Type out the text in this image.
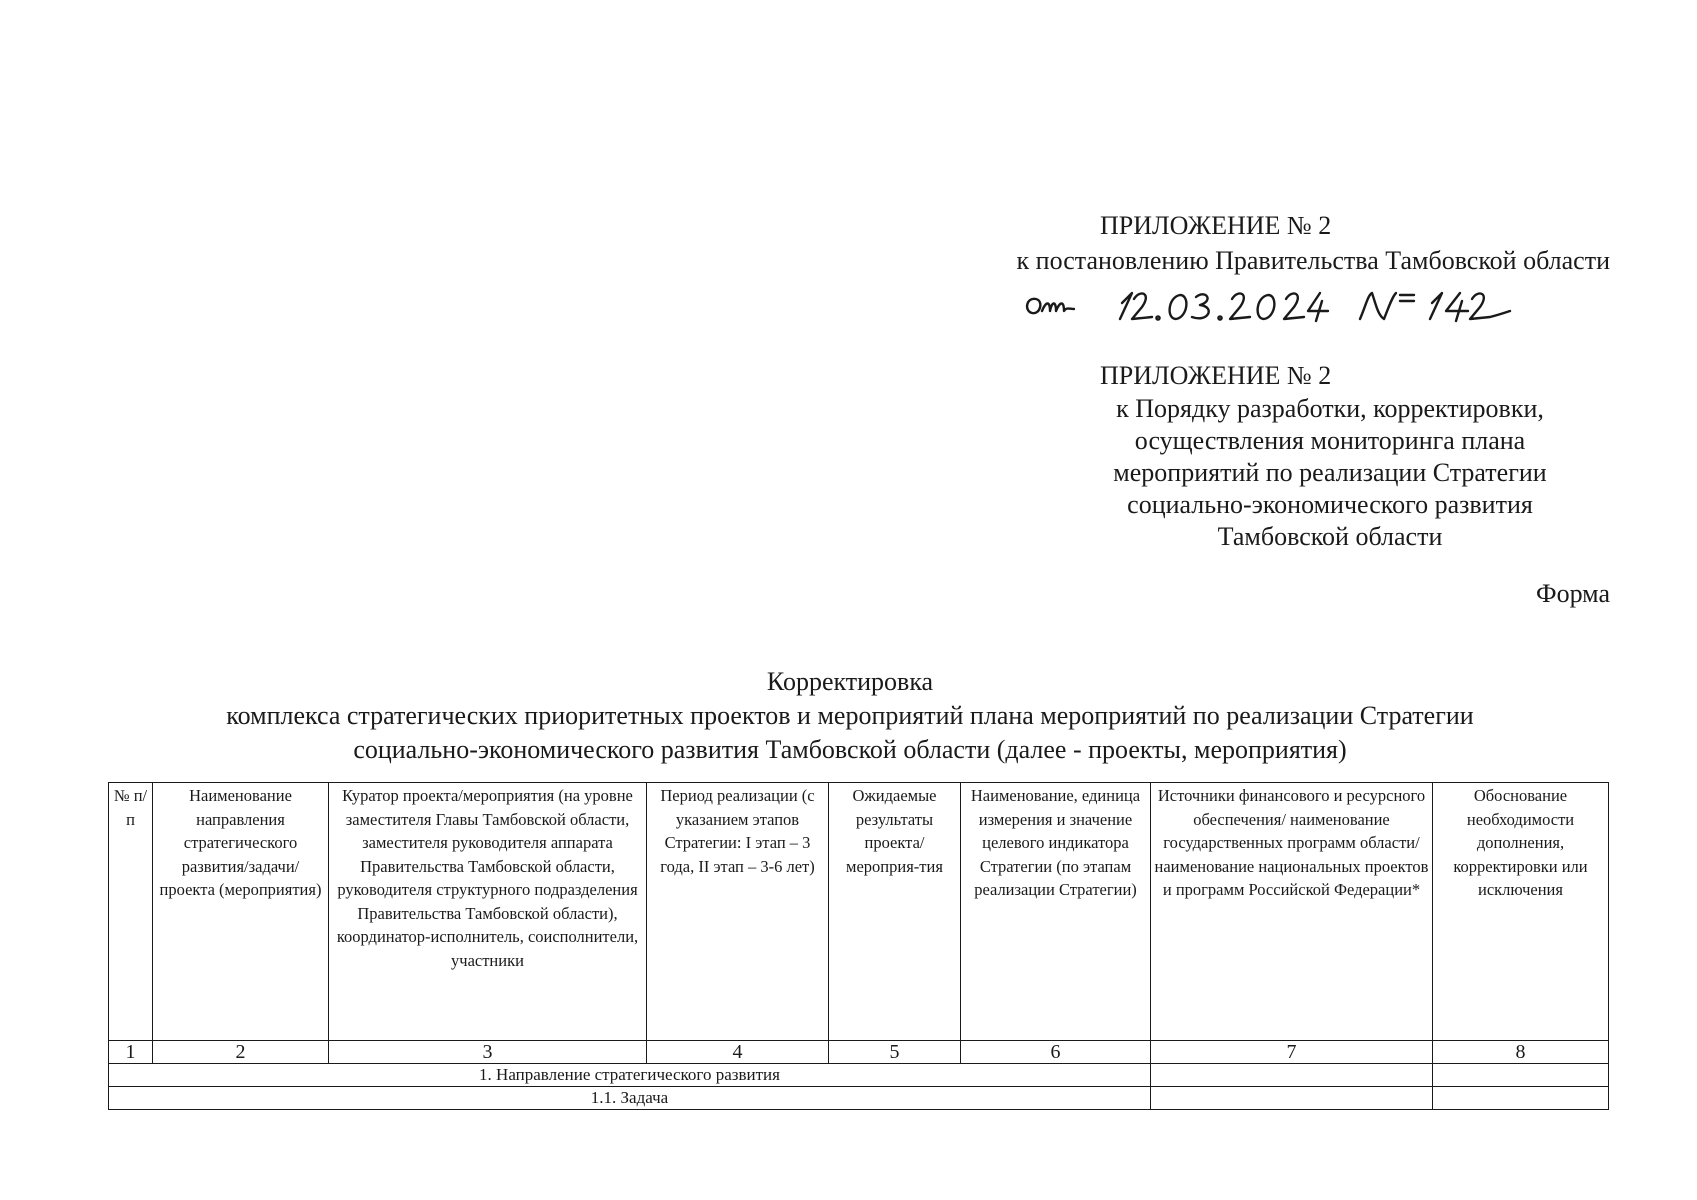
ПРИЛОЖЕНИЕ № 2
к постановлению Правительства Тамбовской области
ПРИЛОЖЕНИЕ № 2
к Порядку разработки, корректировки,
осуществления мониторинга плана
мероприятий по реализации Стратегии
социально-экономического развития
Тамбовской области
Форма
Корректировка
комплекса стратегических приоритетных проектов и мероприятий плана мероприятий по реализации Стратегии
социально-экономического развития Тамбовской области (далее - проекты, мероприятия)
№ п/ п	Наименование направления стратегического развития/задачи/ проекта (мероприятия)	Куратор проекта/мероприятия (на уровне заместителя Главы Тамбовской области, заместителя руководителя аппарата Правительства Тамбовской области, руководителя структурного подразделения Правительства Тамбовской области), координатор-исполнитель, соисполнители, участники	Период реализации (с указанием этапов Стратегии: I этап – 3 года, II этап – 3-6 лет)	Ожидаемые результаты проекта/ мероприя-тия	Наименование, единица измерения и значение целевого индикатора Стратегии (по этапам реализации Стратегии)	Источники финансового и ресурсного обеспечения/ наименование государственных программ области/ наименование национальных проектов и программ Российской Федерации*	Обоснование необходимости дополнения, корректировки или исключения
1	2	3	4	5	6	7	8
1. Направление стратегического развития							
1.1. Задача							
